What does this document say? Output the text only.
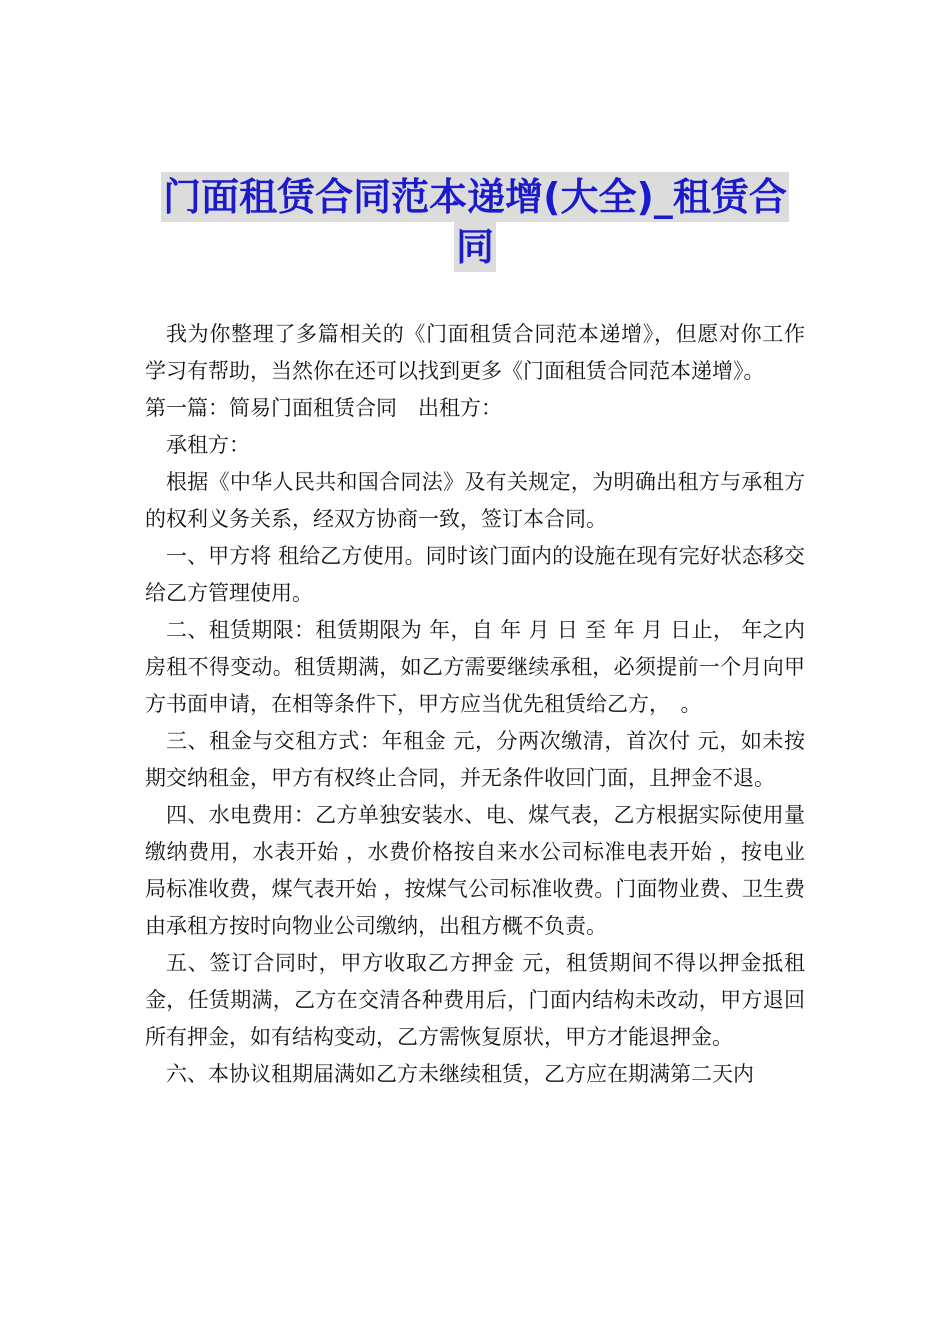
门面租赁合同范本递增(大全)_租赁合
同

我为你整理了多篇相关的《门面租赁合同范本递增》，但愿对你工作学习有帮助，当然你在还可以找到更多《门面租赁合同范本递增》。

第一篇：简易门面租赁合同　出租方：

承租方：

根据《中华人民共和国合同法》及有关规定，为明确出租方与承租方的权利义务关系，经双方协商一致，签订本合同。

一、甲方将 租给乙方使用。同时该门面内的设施在现有完好状态移交给乙方管理使用。

二、租赁期限：租赁期限为 年，自 年 月 日 至 年 月 日止， 年之内房租不得变动。租赁期满，如乙方需要继续承租，必须提前一个月向甲方书面申请，在相等条件下，甲方应当优先租赁给乙方，　。

三、租金与交租方式：年租金 元，分两次缴清，首次付 元，如未按期交纳租金，甲方有权终止合同，并无条件收回门面，且押金不退。

四、水电费用：乙方单独安装水、电、煤气表，乙方根据实际使用量缴纳费用，水表开始 ，水费价格按自来水公司标准电表开始 ，按电业局标准收费，煤气表开始 ，按煤气公司标准收费。门面物业费、卫生费由承租方按时向物业公司缴纳，出租方概不负责。

五、签订合同时，甲方收取乙方押金 元，租赁期间不得以押金抵租金，任赁期满，乙方在交清各种费用后，门面内结构未改动，甲方退回所有押金，如有结构变动，乙方需恢复原状，甲方才能退押金。

六、本协议租期届满如乙方未继续租赁，乙方应在期满第二天内
